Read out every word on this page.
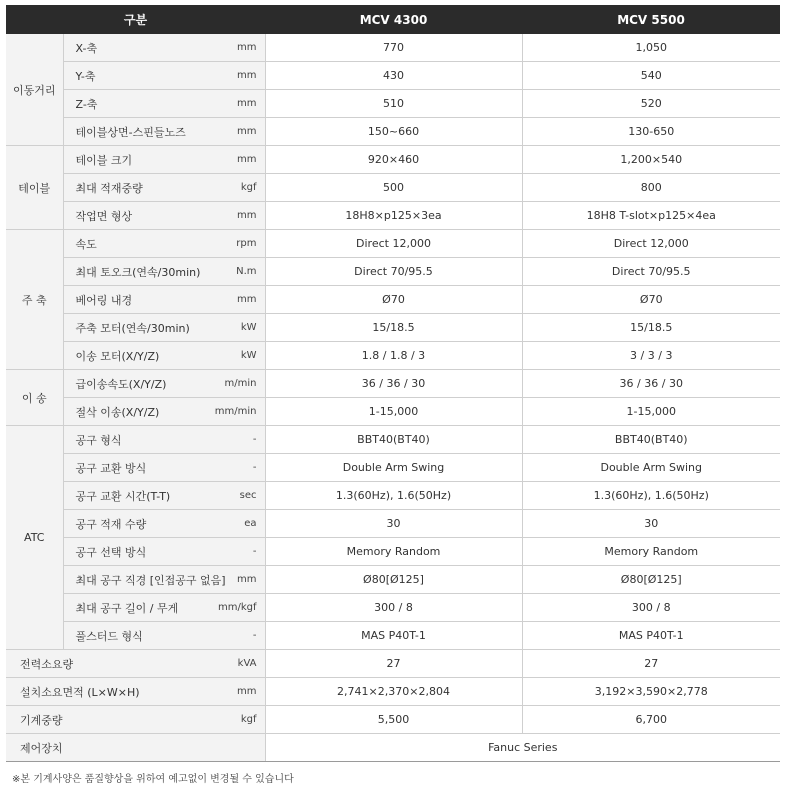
구분		MCV 4300	MCV 5500
이동거리	X-축 mm	770	1,050

	Y-축 mm	430	540

	Z-축 mm	510	520

	테이블상면-스핀들노즈 mm	150~660	130-650
테이블	테이블 크기 mm	920×460	1,200×540

	최대 적재중량 kgf	500	800

	작업면 형상 mm	18H8×p125×3ea	18H8 T-slot×p125×4ea
주 축	속도 rpm	Direct 12,000	Direct 12,000

	최대 토오크(연속/30min) N.m	Direct 70/95.5	Direct 70/95.5

	베어링 내경 mm	Ø70	Ø70

	주축 모터(연속/30min) kW	15/18.5	15/18.5

	이송 모터(X/Y/Z) kW	1.8 / 1.8 / 3	3 / 3 / 3
이 송	급이송속도(X/Y/Z) m/min	36 / 36 / 30	36 / 36 / 30

	절삭 이송(X/Y/Z) mm/min	1-15,000	1-15,000
ATC	공구 형식 -	BBT40(BT40)	BBT40(BT40)

	공구 교환 방식 -	Double Arm Swing	Double Arm Swing

	공구 교환 시간(T-T) sec	1.3(60Hz), 1.6(50Hz)	1.3(60Hz), 1.6(50Hz)

	공구 적재 수량 ea	30	30

	공구 선택 방식 -	Memory Random	Memory Random

	최대 공구 직경 [인접공구 없음] mm	Ø80[Ø125]	Ø80[Ø125]

	최대 공구 길이 / 무게 mm/kgf	300 / 8	300 / 8

	풀스터드 형식 -	MAS P40T-1	MAS P40T-1

전력소요량 kVA		27	27

설치소요면적 (L×W×H) mm		2,741×2,370×2,804	3,192×3,590×2,778

기계중량 kgf		5,500	6,700

제어장치		Fanuc Series	
※본 기계사양은 품질향상을 위하여 예고없이 변경될 수 있습니다
